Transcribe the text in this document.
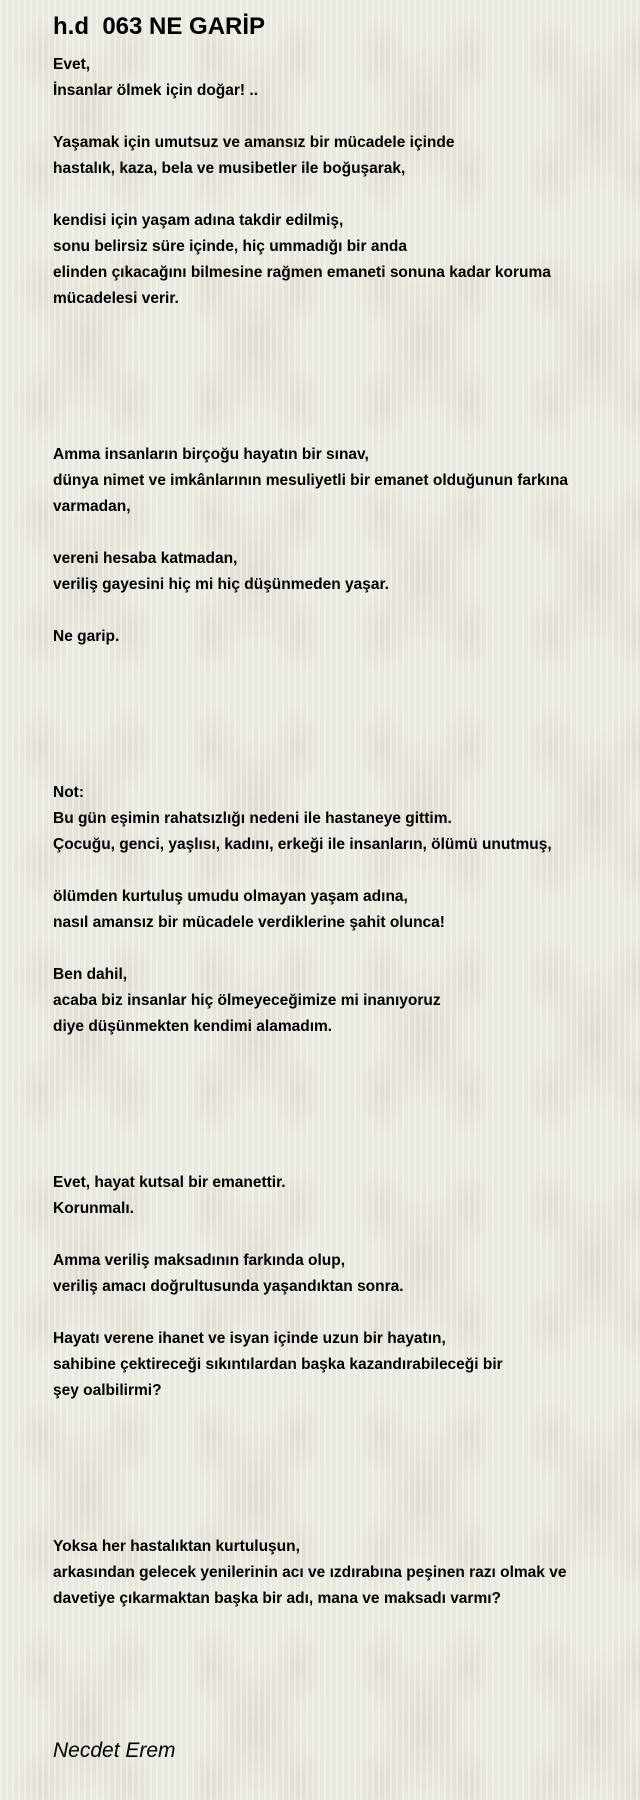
h.d  063 NE GARİP
Evet,
İnsanlar ölmek için doğar! ..
Yaşamak için umutsuz ve amansız bir mücadele içinde
hastalık, kaza, bela ve musibetler ile boğuşarak,
kendisi için yaşam adına takdir edilmiş,
sonu belirsiz süre içinde, hiç ummadığı bir anda
elinden çıkacağını bilmesine rağmen emaneti sonuna kadar koruma
mücadelesi verir.
Amma insanların birçoğu hayatın bir sınav,
dünya nimet ve imkânlarının mesuliyetli bir emanet olduğunun farkına
varmadan,
vereni hesaba katmadan,
veriliş gayesini hiç mi hiç düşünmeden yaşar.
Ne garip.
Not:
Bu gün eşimin rahatsızlığı nedeni ile hastaneye gittim.
Çocuğu, genci, yaşlısı, kadını, erkeği ile insanların, ölümü unutmuş,
ölümden kurtuluş umudu olmayan yaşam adına,
nasıl amansız bir mücadele verdiklerine şahit olunca!
Ben dahil,
acaba biz insanlar hiç ölmeyeceğimize mi inanıyoruz
diye düşünmekten kendimi alamadım.
Evet, hayat kutsal bir emanettir.
Korunmalı.
Amma veriliş maksadının farkında olup,
veriliş amacı doğrultusunda yaşandıktan sonra.
Hayatı verene ihanet ve isyan içinde uzun bir hayatın,
sahibine çektireceği sıkıntılardan başka kazandırabileceği bir
şey oalbilirmi?
Yoksa her hastalıktan kurtuluşun,
arkasından gelecek yenilerinin acı ve ızdırabına peşinen razı olmak ve
davetiye çıkarmaktan başka bir adı, mana ve maksadı varmı?
Necdet Erem
